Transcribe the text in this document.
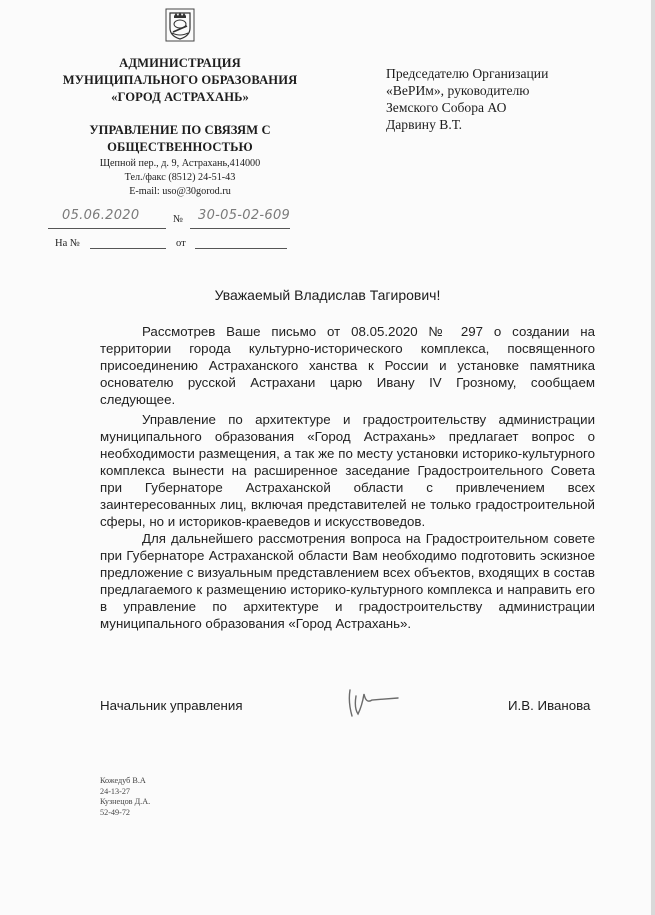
АДМИНИСТРАЦИЯ
МУНИЦИПАЛЬНОГО ОБРАЗОВАНИЯ
«ГОРОД АСТРАХАНЬ»
УПРАВЛЕНИЕ ПО СВЯЗЯМ С
ОБЩЕСТВЕННОСТЬЮ
Щепной пер., д. 9, Астрахань,414000
Тел./факс (8512) 24-51-43
E-mail: uso@30gorod.ru
05.06.2020	№ 30-05-02-609
На №	от
Председателю Организации
«ВеРИм», руководителю
Земского Собора АО
Дарвину В.Т.
Уважаемый Владислав Тагирович!

Рассмотрев Ваше письмо от 08.05.2020 № 297 о создании на территории города культурно-исторического комплекса, посвященного присоединению Астраханского ханства к России и установке памятника основателю русской Астрахани царю Ивану IV Грозному, сообщаем следующее.

Управление по архитектуре и градостроительству администрации муниципального образования «Город Астрахань» предлагает вопрос о необходимости размещения, а так же по месту установки историко-культурного комплекса вынести на расширенное заседание Градостроительного Совета при Губернаторе Астраханской области с привлечением всех заинтересованных лиц, включая представителей не только градостроительной сферы, но и историков-краеведов и искусствоведов.

Для дальнейшего рассмотрения вопроса на Градостроительном совете при Губернаторе Астраханской области Вам необходимо подготовить эскизное предложение с визуальным представлением всех объектов, входящих в состав предлагаемого к размещению историко-культурного комплекса и направить его в управление по архитектуре и градостроительству администрации муниципального образования «Город Астрахань».

Начальник управления	И.В. Иванова
Кожедуб В.А
24-13-27
Кузнецов Д.А.
52-49-72
